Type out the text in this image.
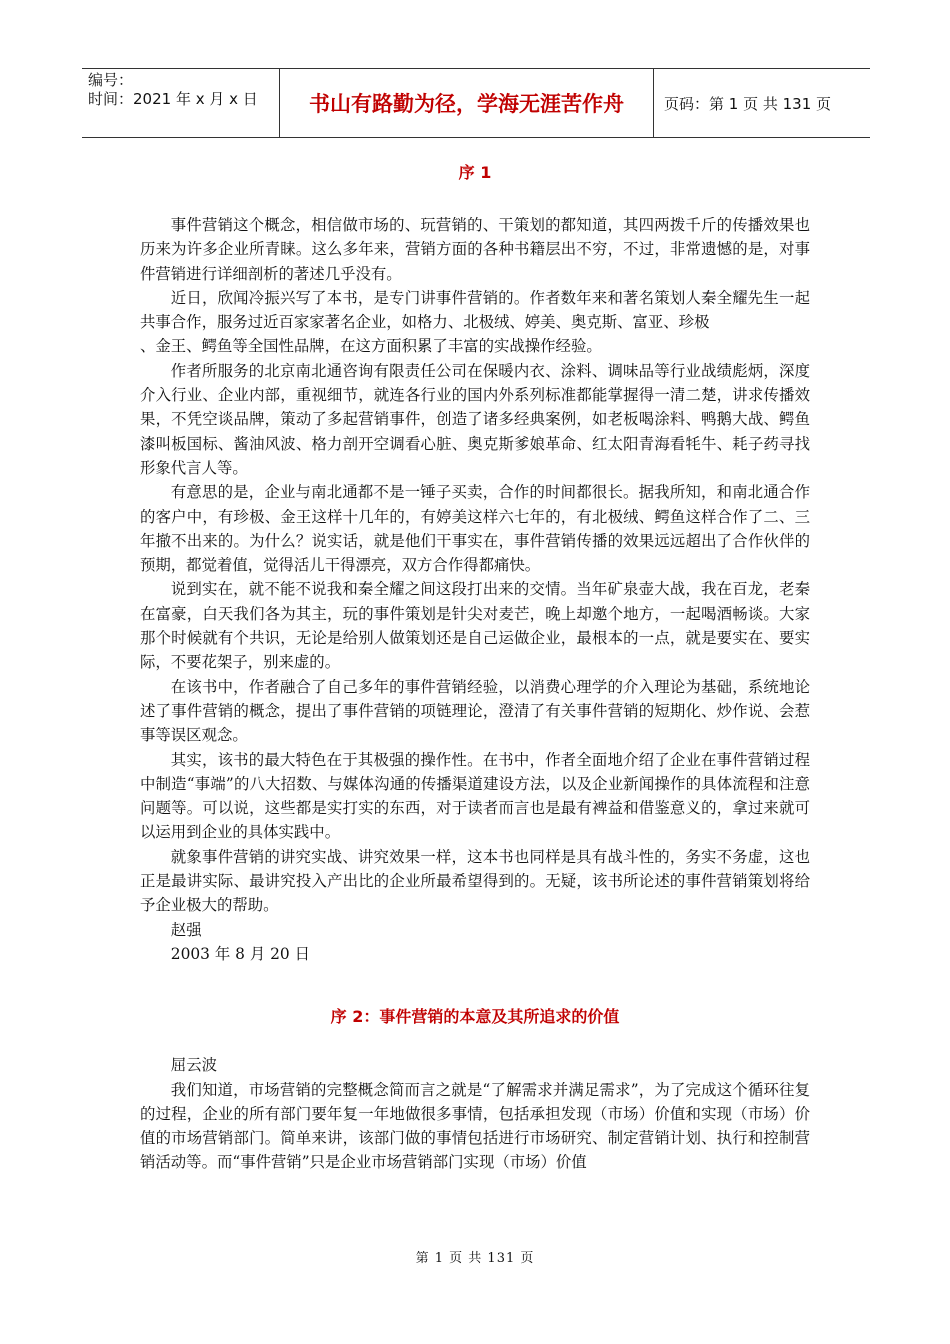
编号：
时间：2021 年 x 月 x 日	书山有路勤为径，学海无涯苦作舟	页码：第 1 页 共 131 页
序 1

事件营销这个概念，相信做市场的、玩营销的、干策划的都知道，其四两拨千斤的传播效果也历来为许多企业所青睐。这么多年来，营销方面的各种书籍层出不穷，不过，非常遗憾的是，对事件营销进行详细剖析的著述几乎没有。

近日，欣闻冷振兴写了本书，是专门讲事件营销的。作者数年来和著名策划人秦全耀先生一起共事合作，服务过近百家家著名企业，如格力、北极绒、婷美、奥克斯、富亚、珍极

、金王、鳄鱼等全国性品牌，在这方面积累了丰富的实战操作经验。

作者所服务的北京南北通咨询有限责任公司在保暖内衣、涂料、调味品等行业战绩彪炳，深度介入行业、企业内部，重视细节，就连各行业的国内外系列标准都能掌握得一清二楚，讲求传播效果，不凭空谈品牌，策动了多起营销事件，创造了诸多经典案例，如老板喝涂料、鸭鹅大战、鳄鱼漆叫板国标、酱油风波、格力剖开空调看心脏、奥克斯爹娘革命、红太阳青海看牦牛、耗子药寻找形象代言人等。

有意思的是，企业与南北通都不是一锤子买卖，合作的时间都很长。据我所知，和南北通合作的客户中，有珍极、金王这样十几年的，有婷美这样六七年的，有北极绒、鳄鱼这样合作了二、三年撤不出来的。为什么？说实话，就是他们干事实在，事件营销传播的效果远远超出了合作伙伴的预期，都觉着值，觉得活儿干得漂亮，双方合作得都痛快。

说到实在，就不能不说我和秦全耀之间这段打出来的交情。当年矿泉壶大战，我在百龙，老秦在富豪，白天我们各为其主，玩的事件策划是针尖对麦芒，晚上却邀个地方，一起喝酒畅谈。大家那个时候就有个共识，无论是给别人做策划还是自己运做企业，最根本的一点，就是要实在、要实际，不要花架子，别来虚的。

在该书中，作者融合了自己多年的事件营销经验，以消费心理学的介入理论为基础，系统地论述了事件营销的概念，提出了事件营销的项链理论，澄清了有关事件营销的短期化、炒作说、会惹事等误区观念。

其实，该书的最大特色在于其极强的操作性。在书中，作者全面地介绍了企业在事件营销过程中制造“事端”的八大招数、与媒体沟通的传播渠道建设方法，以及企业新闻操作的具体流程和注意问题等。可以说，这些都是实打实的东西，对于读者而言也是最有裨益和借鉴意义的，拿过来就可以运用到企业的具体实践中。

就象事件营销的讲究实战、讲究效果一样，这本书也同样是具有战斗性的，务实不务虚，这也正是最讲实际、最讲究投入产出比的企业所最希望得到的。无疑，该书所论述的事件营销策划将给予企业极大的帮助。

赵强

2003 年 8 月 20 日

序 2：事件营销的本意及其所追求的价值

屈云波

我们知道，市场营销的完整概念简而言之就是“了解需求并满足需求”，为了完成这个循环往复的过程，企业的所有部门要年复一年地做很多事情，包括承担发现（市场）价值和实现（市场）价值的市场营销部门。简单来讲，该部门做的事情包括进行市场研究、制定营销计划、执行和控制营销活动等。而“事件营销”只是企业市场营销部门实现（市场）价值

第 1 页 共 131 页
